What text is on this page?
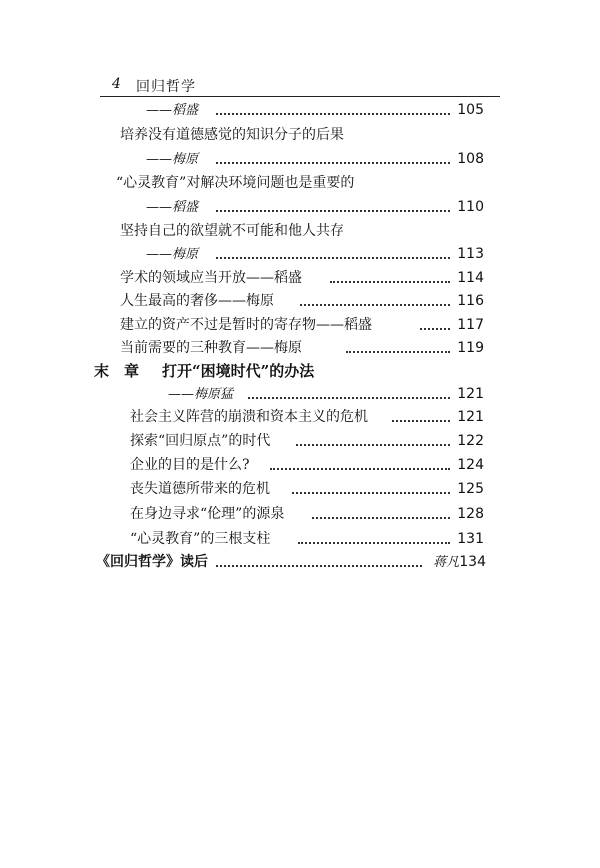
4 回归哲学
——稻盛	105
培养没有道德感觉的知识分子的后果
——梅原	108
“心灵教育”对解决环境问题也是重要的
——稻盛	110
坚持自己的欲望就不可能和他人共存
——梅原	113
学术的领域应当开放——稻盛	114
人生最高的奢侈——梅原	116
建立的资产不过是暂时的寄存物——稻盛	117
当前需要的三种教育——梅原	119
末　章 打开“困境时代”的办法
——梅原猛	121
社会主义阵营的崩溃和资本主义的危机	121
探索“回归原点”的时代	122
企业的目的是什么?	124
丧失道德所带来的危机	125
在身边寻求“伦理”的源泉	128
“心灵教育”的三根支柱	131
《回归哲学》读后	蒋凡134
